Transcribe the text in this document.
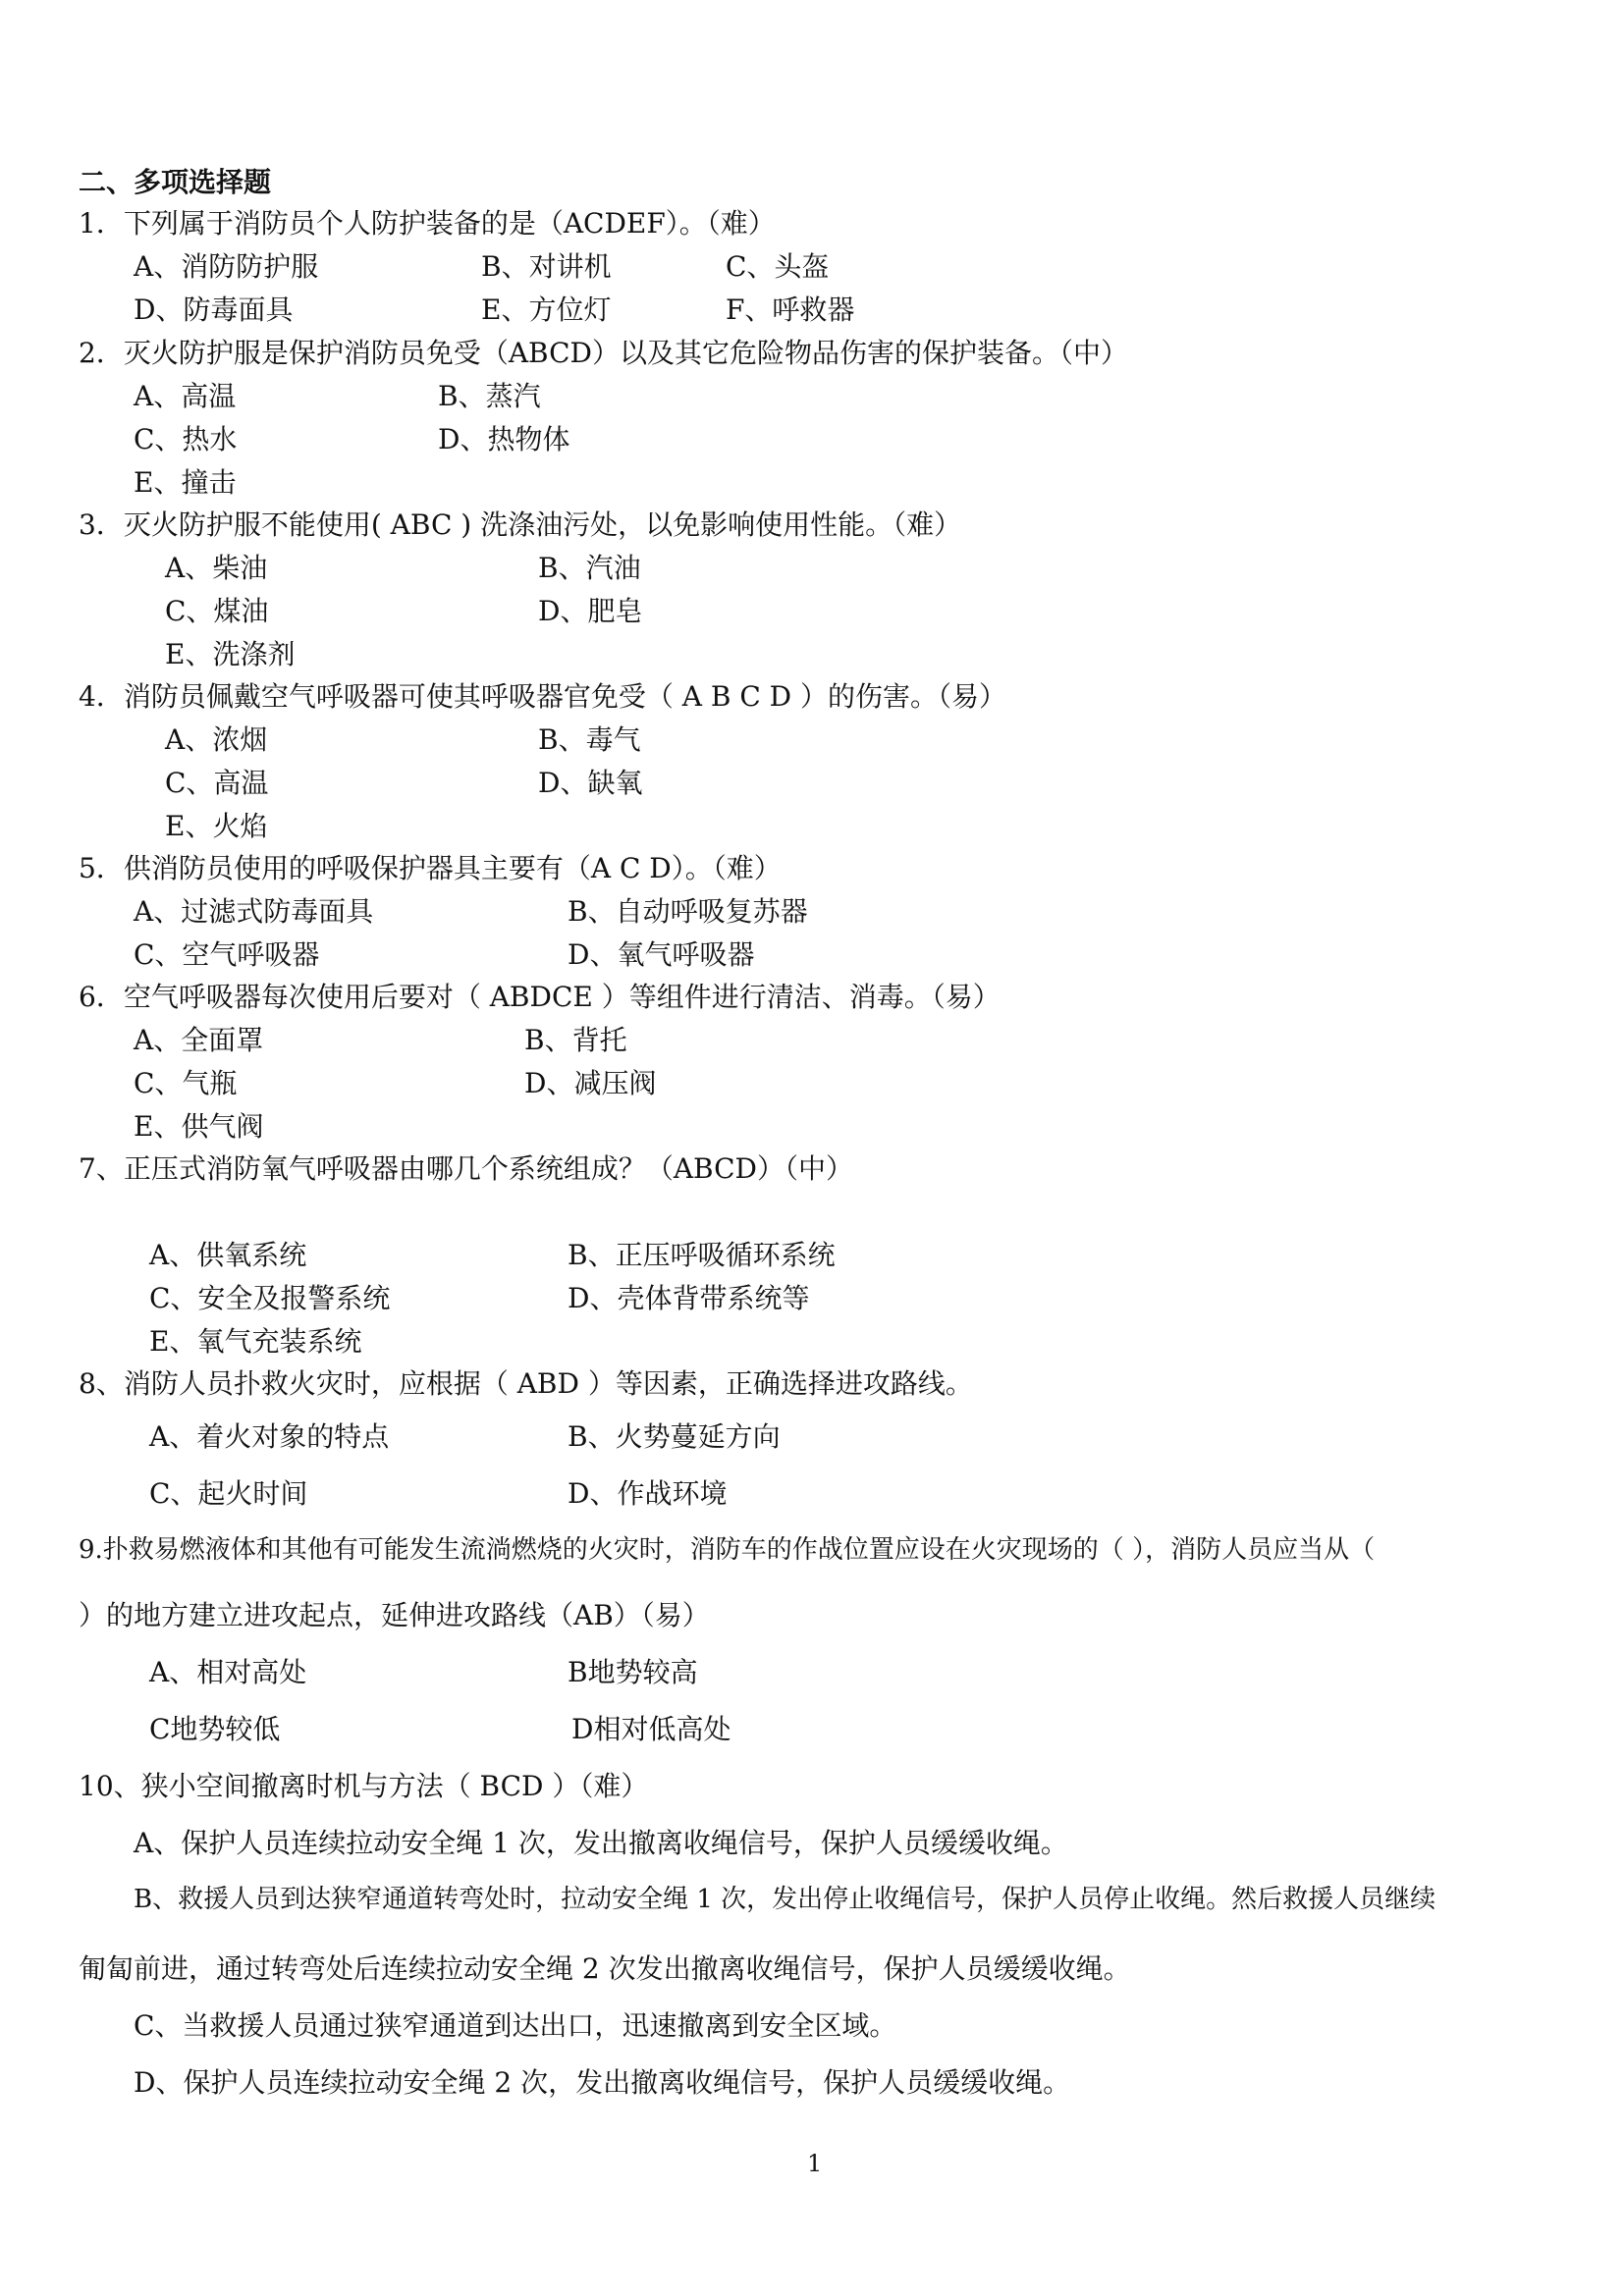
二、多项选择题
1．下列属于消防员个人防护装备的是（ACDEF）。（难）
A、消防防护服	B、对讲机	C、头盔
D、防毒面具	E、方位灯	F、呼救器
2．灭火防护服是保护消防员免受（ABCD）以及其它危险物品伤害的保护装备。（中）
A、高温	B、蒸汽
C、热水	D、热物体
E、撞击
3．灭火防护服不能使用( ABC ) 洗涤油污处，以免影响使用性能。（难）
A、柴油	B、汽油
C、煤油	D、肥皂
E、洗涤剂
4．消防员佩戴空气呼吸器可使其呼吸器官免受（ A B C D ）的伤害。（易）
A、浓烟	B、毒气
C、高温	D、缺氧
E、火焰
5．供消防员使用的呼吸保护器具主要有（A C D）。（难）
A、过滤式防毒面具	B、自动呼吸复苏器
C、空气呼吸器	D、氧气呼吸器
6．空气呼吸器每次使用后要对（ ABDCE ）等组件进行清洁、消毒。（易）
A、全面罩	B、背托
C、气瓶	D、减压阀
E、供气阀
7、正压式消防氧气呼吸器由哪几个系统组成？（ABCD）（中）
A、供氧系统	B、正压呼吸循环系统
C、安全及报警系统	D、壳体背带系统等
E、氧气充装系统
8、消防人员扑救火灾时，应根据（ ABD ）等因素，正确选择进攻路线。
A、着火对象的特点	B、火势蔓延方向
C、起火时间	D、作战环境
9.扑救易燃液体和其他有可能发生流淌燃烧的火灾时，消防车的作战位置应设在火灾现场的（ ），消防人员应当从（
）的地方建立进攻起点，延伸进攻路线（AB）（易）
A、相对高处	B地势较高
C地势较低	D相对低高处
10、狭小空间撤离时机与方法（ BCD ）（难）
A、保护人员连续拉动安全绳 1 次，发出撤离收绳信号，保护人员缓缓收绳。
B、救援人员到达狭窄通道转弯处时，拉动安全绳 1 次，发出停止收绳信号，保护人员停止收绳。然后救援人员继续
匍匐前进，通过转弯处后连续拉动安全绳 2 次发出撤离收绳信号，保护人员缓缓收绳。
C、当救援人员通过狭窄通道到达出口，迅速撤离到安全区域。
D、保护人员连续拉动安全绳 2 次，发出撤离收绳信号，保护人员缓缓收绳。
1
